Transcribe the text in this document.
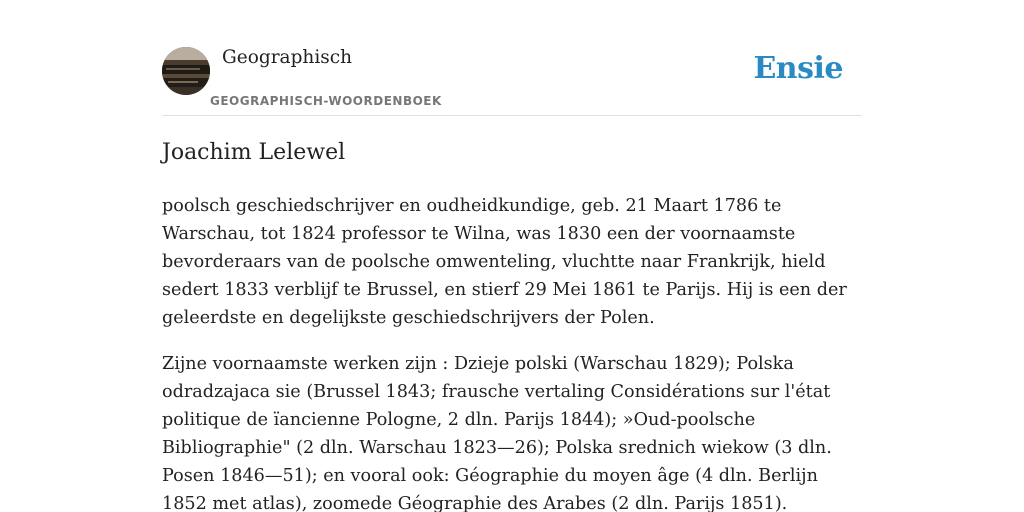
Geographisch
GEOGRAPHISCH-WOORDENBOEK
Ensie
Joachim Lelewel

poolsch geschiedschrijver en oudheidkundige, geb. 21 Maart 1786 te Warschau, tot 1824 professor te Wilna, was 1830 een der voornaamste bevorderaars van de poolsche omwenteling, vluchtte naar Frankrijk, hield sedert 1833 verblijf te Brussel, en stierf 29 Mei 1861 te Parijs. Hij is een der geleerdste en degelijkste geschiedschrijvers der Polen.

Zijne voornaamste werken zijn : Dzieje polski (Warschau 1829); Polska odradzajaca sie (Brussel 1843; frausche vertaling Considérations sur l'état politique de ïancienne Pologne, 2 dln. Parijs 1844); »Oud-poolsche Bibliographie" (2 dln. Warschau 1823—26); Polska srednich wiekow (3 dln. Posen 1846—51); en vooral ook: Géographie du moyen âge (4 dln. Berlijn 1852 met atlas), zoomede Géographie des Arabes (2 dln. Parijs 1851).
